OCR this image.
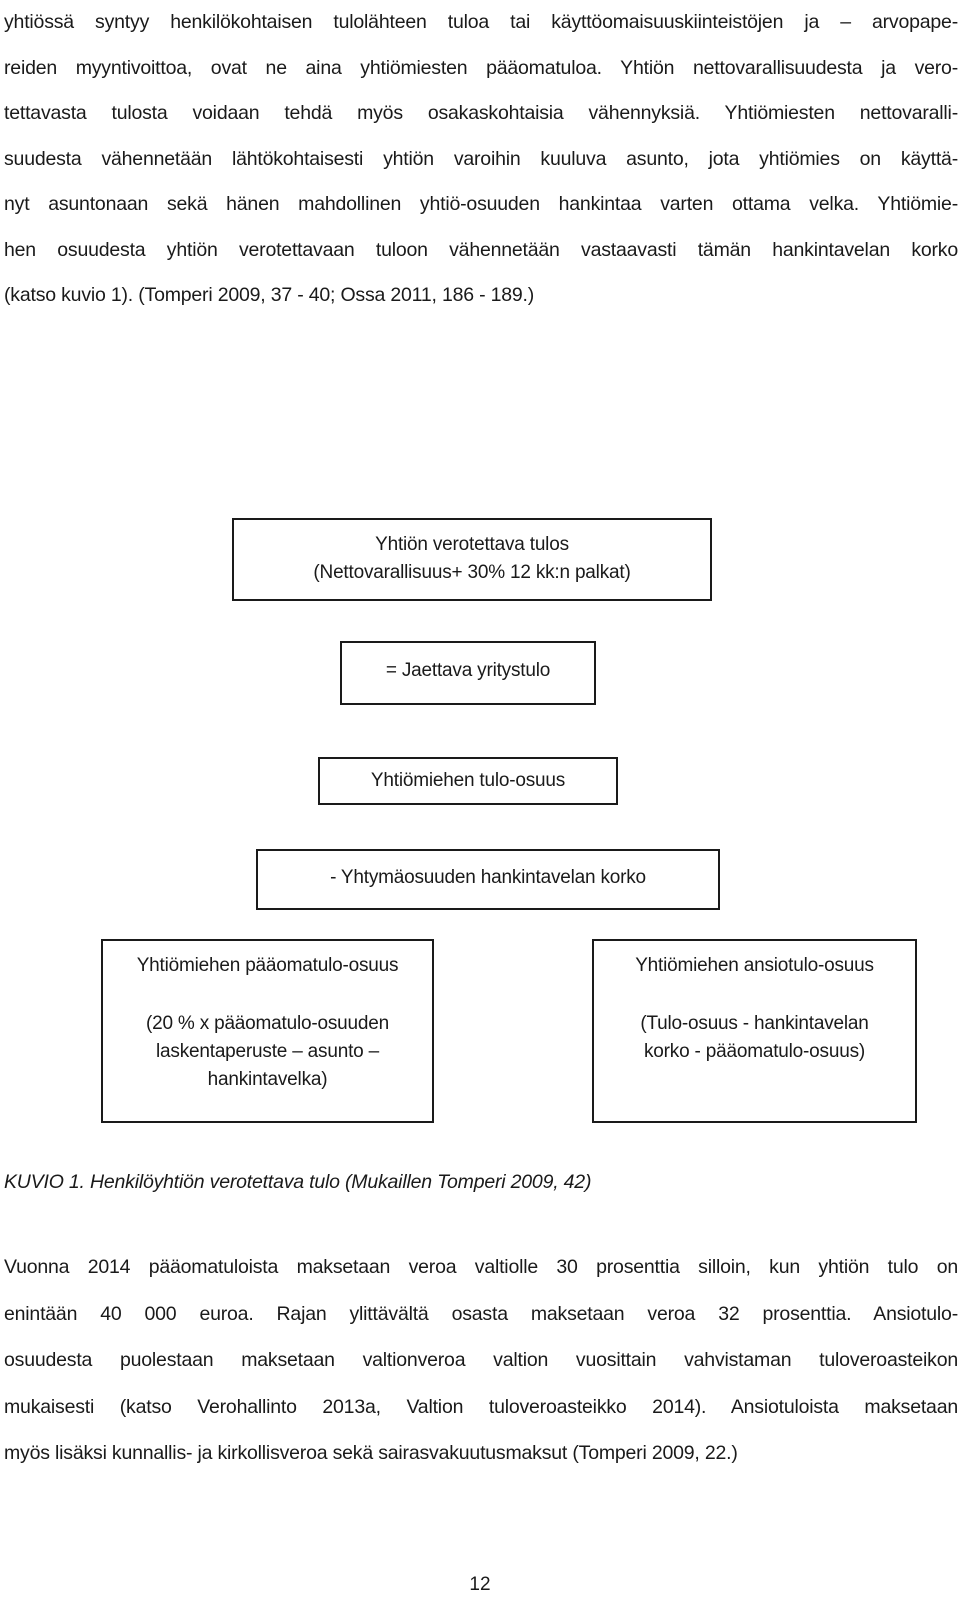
yhtiössä syntyy henkilökohtaisen tulolähteen tuloa tai käyttöomaisuuskiinteistöjen ja – arvopape-
reiden myyntivoittoa, ovat ne aina yhtiömiesten pääomatuloa. Yhtiön nettovarallisuudesta ja vero-
tettavasta tulosta voidaan tehdä myös osakaskohtaisia vähennyksiä. Yhtiömiesten nettovaralli-
suudesta vähennetään lähtökohtaisesti yhtiön varoihin kuuluva asunto, jota yhtiömies on käyttä-
nyt asuntonaan sekä hänen mahdollinen yhtiö-osuuden hankintaa varten ottama velka. Yhtiömie-
hen osuudesta yhtiön verotettavaan tuloon vähennetään vastaavasti tämän hankintavelan korko
(katso kuvio 1). (Tomperi 2009, 37 - 40; Ossa 2011, 186 - 189.)
Yhtiön verotettava tulos
(Nettovarallisuus+ 30% 12 kk:n palkat)
= Jaettava yritystulo
Yhtiömiehen tulo-osuus
- Yhtymäosuuden hankintavelan korko
Yhtiömiehen pääomatulo-osuus
(20 % x pääomatulo-osuuden
laskentaperuste – asunto –
hankintavelka)
Yhtiömiehen ansiotulo-osuus
(Tulo-osuus - hankintavelan
korko - pääomatulo-osuus)

KUVIO 1. Henkilöyhtiön verotettava tulo (Mukaillen Tomperi 2009, 42)

Vuonna 2014 pääomatuloista maksetaan veroa valtiolle 30 prosenttia silloin, kun yhtiön tulo on
enintään 40 000 euroa. Rajan ylittävältä osasta maksetaan veroa 32 prosenttia. Ansiotulo-
osuudesta puolestaan maksetaan valtionveroa valtion vuosittain vahvistaman tuloveroasteikon
mukaisesti (katso Verohallinto 2013a, Valtion tuloveroasteikko 2014). Ansiotuloista maksetaan
myös lisäksi kunnallis- ja kirkollisveroa sekä sairasvakuutusmaksut (Tomperi 2009, 22.)

12
